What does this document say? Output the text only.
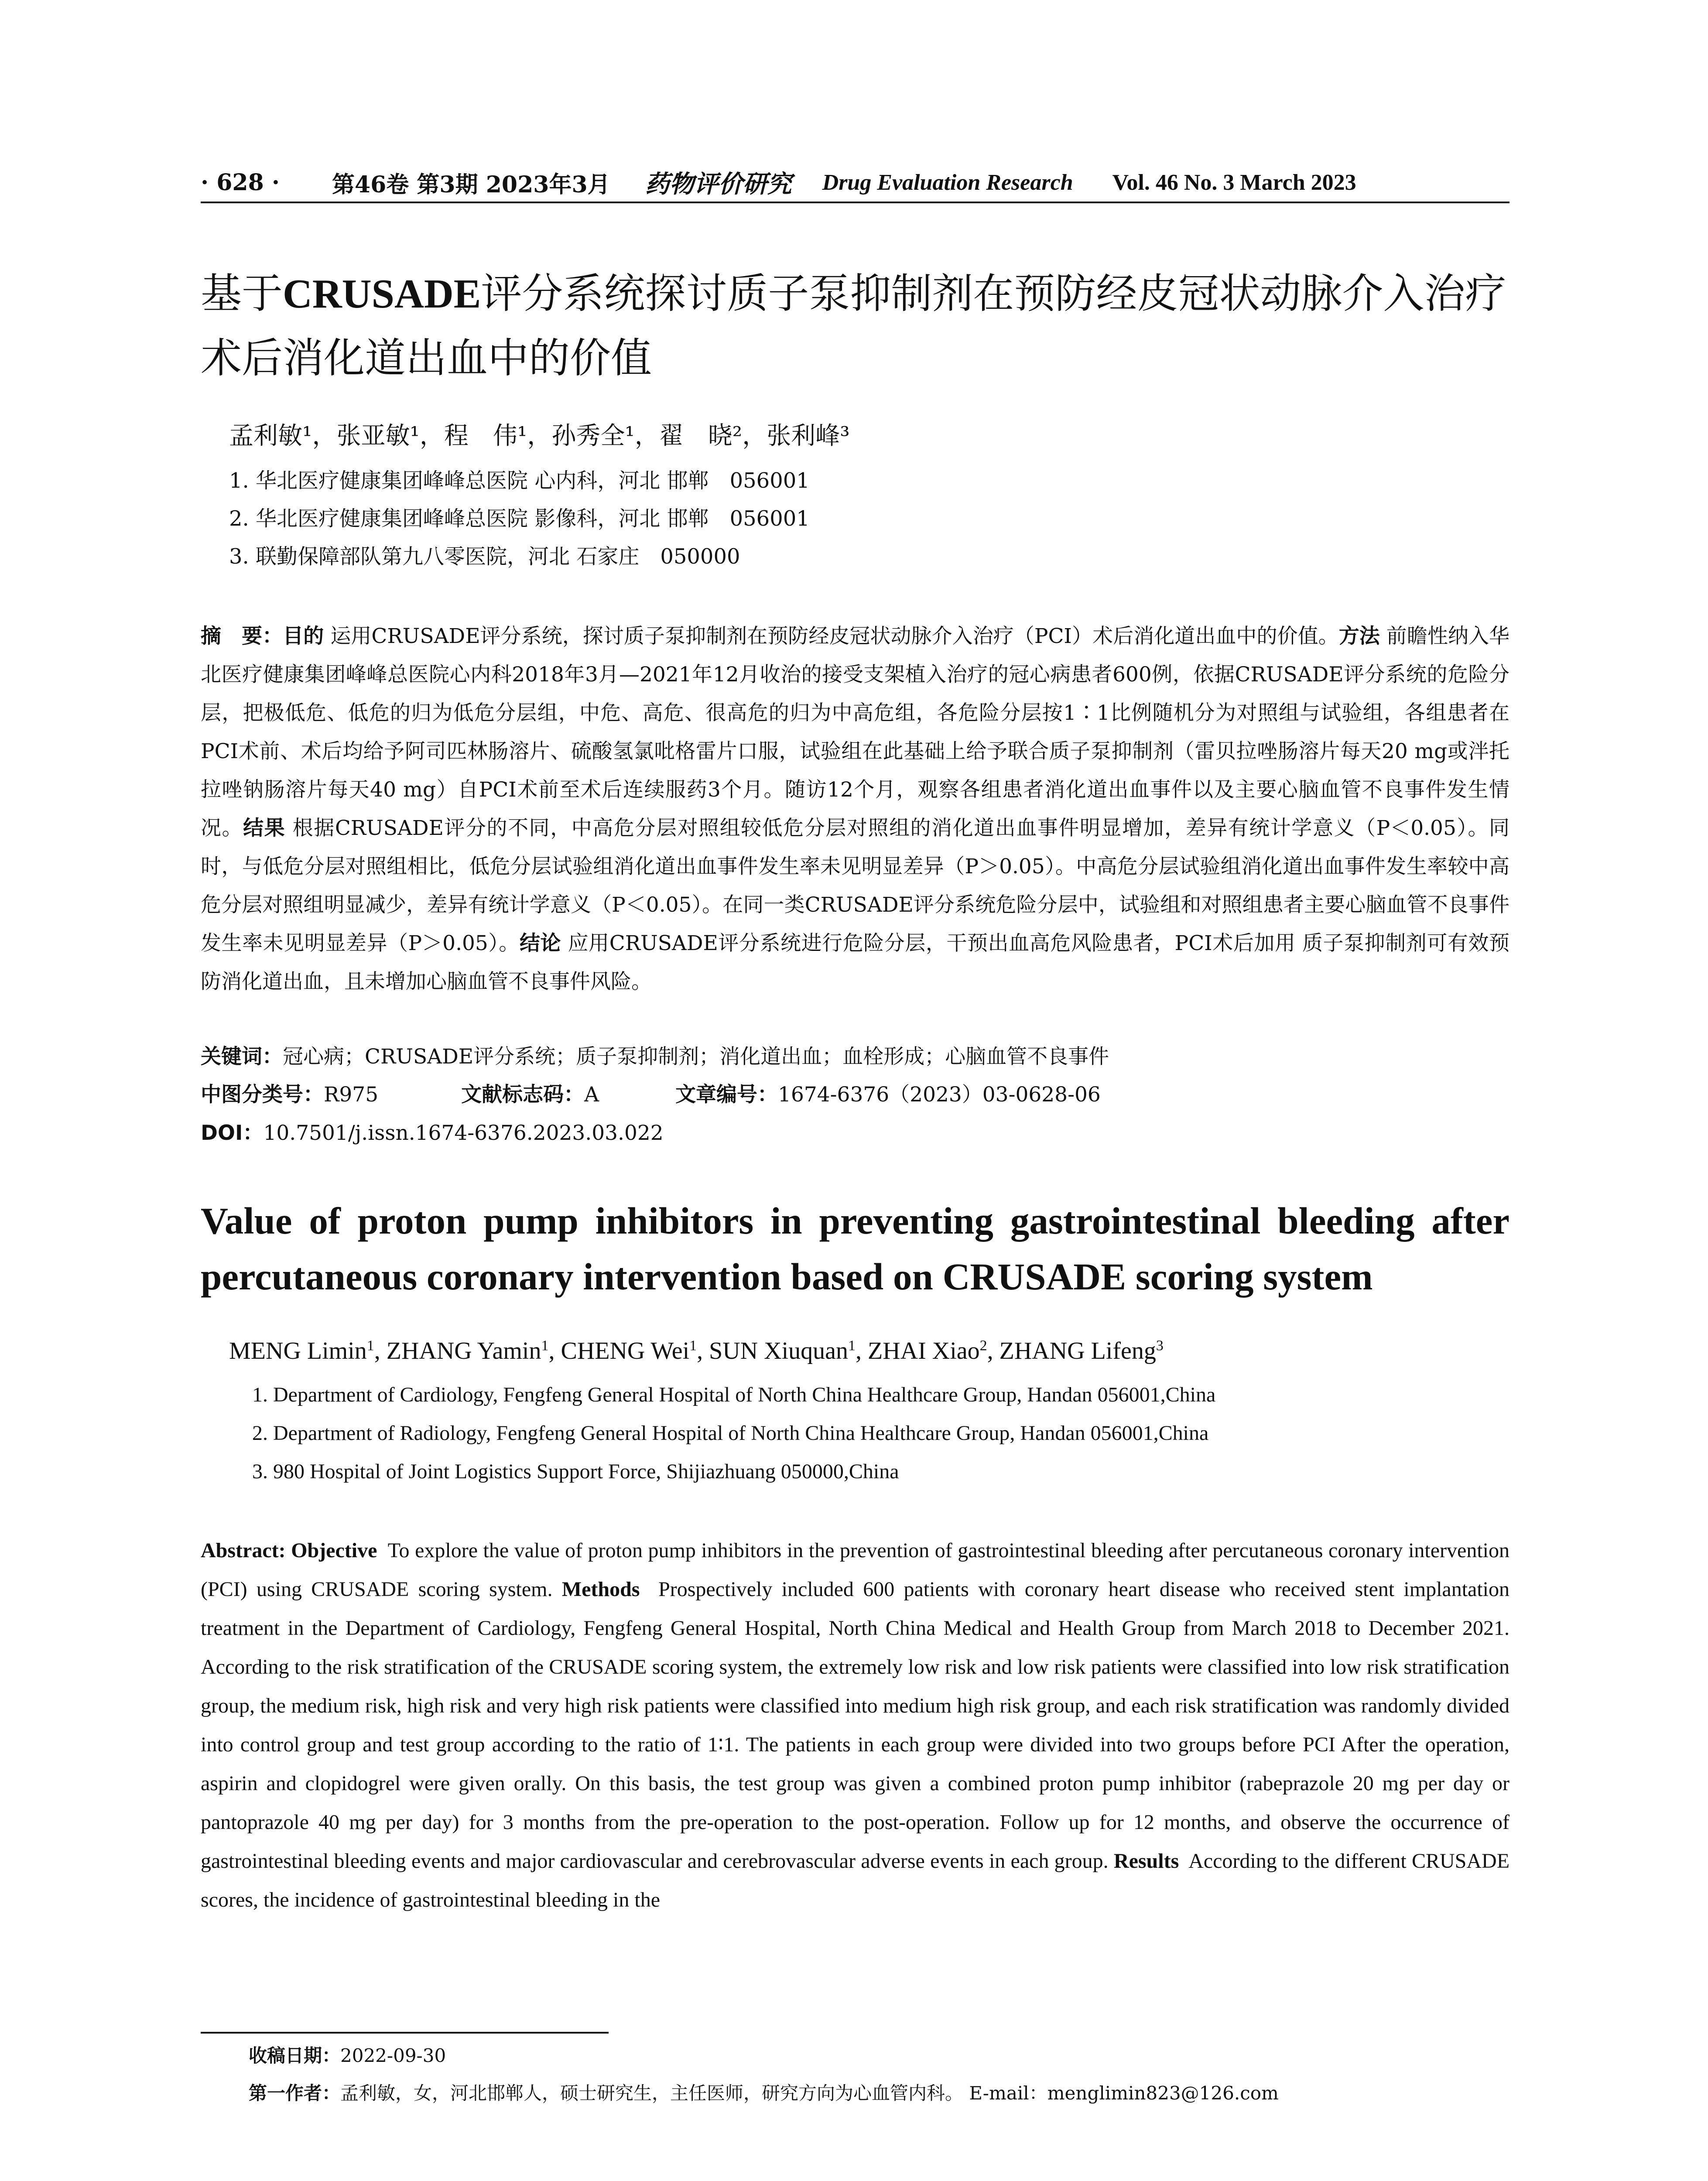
· 628 · 第46卷 第3期 2023年3月 药物评价研究 Drug Evaluation Research Vol. 46 No. 3 March 2023
基于CRUSADE评分系统探讨质子泵抑制剂在预防经皮冠状动脉介入治疗术后消化道出血中的价值
孟利敏¹，张亚敏¹，程　伟¹，孙秀全¹，翟　晓²，张利峰³
1. 华北医疗健康集团峰峰总医院 心内科，河北 邯郸　056001
2. 华北医疗健康集团峰峰总医院 影像科，河北 邯郸　056001
3. 联勤保障部队第九八零医院，河北 石家庄　050000
摘　要：目的 运用CRUSADE评分系统，探讨质子泵抑制剂在预防经皮冠状动脉介入治疗（PCI）术后消化道出血中的价值。方法 前瞻性纳入华北医疗健康集团峰峰总医院心内科2018年3月—2021年12月收治的接受支架植入治疗的冠心病患者600例，依据CRUSADE评分系统的危险分层，把极低危、低危的归为低危分层组，中危、高危、很高危的归为中高危组，各危险分层按1∶1比例随机分为对照组与试验组，各组患者在PCI术前、术后均给予阿司匹林肠溶片、硫酸氢氯吡格雷片口服，试验组在此基础上给予联合质子泵抑制剂（雷贝拉唑肠溶片每天20 mg或泮托拉唑钠肠溶片每天40 mg）自PCI术前至术后连续服药3个月。随访12个月，观察各组患者消化道出血事件以及主要心脑血管不良事件发生情况。结果 根据CRUSADE评分的不同，中高危分层对照组较低危分层对照组的消化道出血事件明显增加，差异有统计学意义（P＜0.05）。同时，与低危分层对照组相比，低危分层试验组消化道出血事件发生率未见明显差异（P＞0.05）。中高危分层试验组消化道出血事件发生率较中高危分层对照组明显减少，差异有统计学意义（P＜0.05）。在同一类CRUSADE评分系统危险分层中，试验组和对照组患者主要心脑血管不良事件发生率未见明显差异（P＞0.05）。结论 应用CRUSADE评分系统进行危险分层，干预出血高危风险患者，PCI术后加用 质子泵抑制剂可有效预防消化道出血，且未增加心脑血管不良事件风险。
关键词：冠心病；CRUSADE评分系统；质子泵抑制剂；消化道出血；血栓形成；心脑血管不良事件
中图分类号：R975	文献标志码：A	文章编号：1674-6376（2023）03-0628-06
DOI：10.7501/j.issn.1674-6376.2023.03.022
Value of proton pump inhibitors in preventing gastrointestinal bleeding after percutaneous coronary intervention based on CRUSADE scoring system
MENG Limin$^1$, ZHANG Yamin$^1$, CHENG Wei$^1$, SUN Xiuquan$^1$, ZHAI Xiao$^2$, ZHANG Lifeng$^3$
1. Department of Cardiology, Fengfeng General Hospital of North China Healthcare Group, Handan 056001,China
2. Department of Radiology, Fengfeng General Hospital of North China Healthcare Group, Handan 056001,China
3. 980 Hospital of Joint Logistics Support Force, Shijiazhuang 050000,China
Abstract: Objective To explore the value of proton pump inhibitors in the prevention of gastrointestinal bleeding after percutaneous coronary intervention (PCI) using CRUSADE scoring system. Methods Prospectively included 600 patients with coronary heart disease who received stent implantation treatment in the Department of Cardiology, Fengfeng General Hospital, North China Medical and Health Group from March 2018 to December 2021. According to the risk stratification of the CRUSADE scoring system, the extremely low risk and low risk patients were classified into low risk stratification group, the medium risk, high risk and very high risk patients were classified into medium high risk group, and each risk stratification was randomly divided into control group and test group according to the ratio of 1∶1. The patients in each group were divided into two groups before PCI After the operation, aspirin and clopidogrel were given orally. On this basis, the test group was given a combined proton pump inhibitor (rabeprazole 20 mg per day or pantoprazole 40 mg per day) for 3 months from the pre-operation to the post-operation. Follow up for 12 months, and observe the occurrence of gastrointestinal bleeding events and major cardiovascular and cerebrovascular adverse events in each group. Results According to the different CRUSADE scores, the incidence of gastrointestinal bleeding in the
收稿日期：2022-09-30
第一作者：孟利敏，女，河北邯郸人，硕士研究生，主任医师，研究方向为心血管内科。 E-mail：menglimin823@126.com
